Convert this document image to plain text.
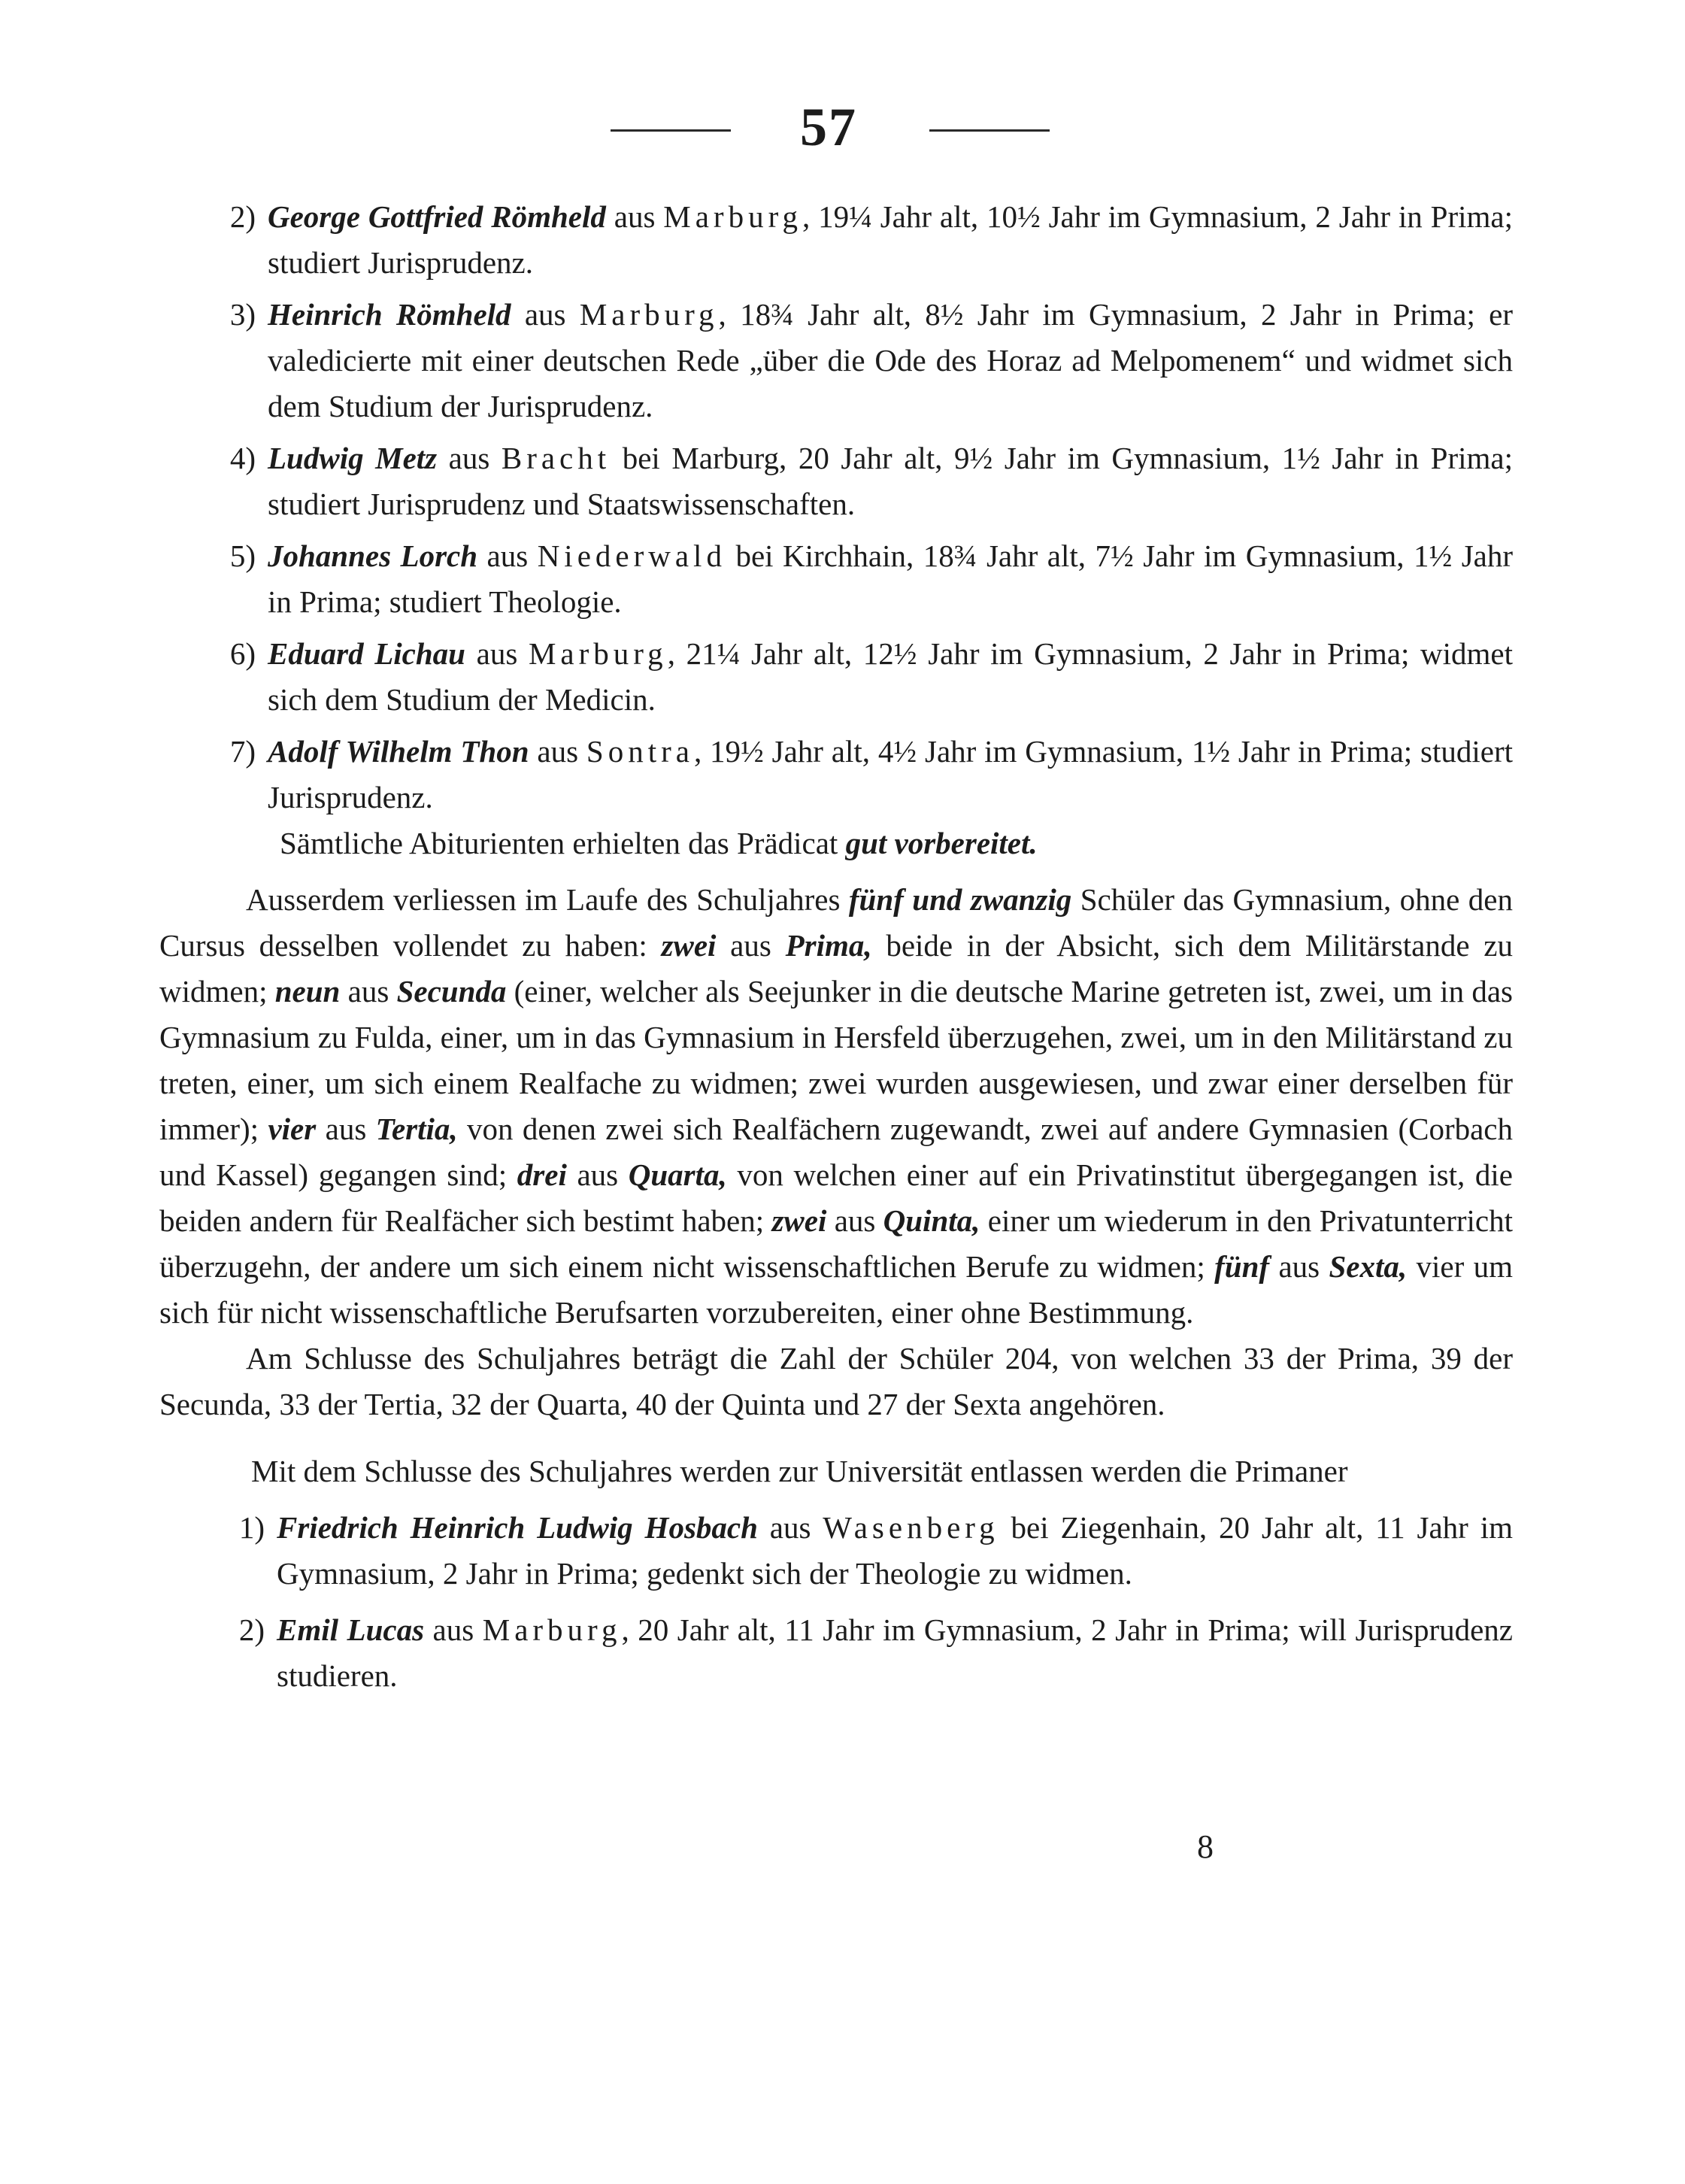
57
2) George Gottfried Römheld aus Marburg, 19¼ Jahr alt, 10½ Jahr im Gymnasium, 2 Jahr in Prima; studiert Jurisprudenz.
3) Heinrich Römheld aus Marburg, 18¾ Jahr alt, 8½ Jahr im Gymnasium, 2 Jahr in Prima; er valedicierte mit einer deutschen Rede „über die Ode des Horaz ad Melpomenem“ und widmet sich dem Studium der Jurisprudenz.
4) Ludwig Metz aus Bracht bei Marburg, 20 Jahr alt, 9½ Jahr im Gymnasium, 1½ Jahr in Prima; studiert Jurisprudenz und Staatswissenschaften.
5) Johannes Lorch aus Niederwald bei Kirchhain, 18¾ Jahr alt, 7½ Jahr im Gymnasium, 1½ Jahr in Prima; studiert Theologie.
6) Eduard Lichau aus Marburg, 21¼ Jahr alt, 12½ Jahr im Gymnasium, 2 Jahr in Prima; widmet sich dem Studium der Medicin.
7) Adolf Wilhelm Thon aus Sontra, 19½ Jahr alt, 4½ Jahr im Gymnasium, 1½ Jahr in Prima; studiert Jurisprudenz.
Sämtliche Abiturienten erhielten das Prädicat gut vorbereitet.
Ausserdem verliessen im Laufe des Schuljahres fünf und zwanzig Schüler das Gymnasium, ohne den Cursus desselben vollendet zu haben: zwei aus Prima, beide in der Absicht, sich dem Militärstande zu widmen; neun aus Secunda (einer, welcher als Seejunker in die deutsche Marine getreten ist, zwei, um in das Gymnasium zu Fulda, einer, um in das Gymnasium in Hersfeld überzugehen, zwei, um in den Militärstand zu treten, einer, um sich einem Realfache zu widmen; zwei wurden ausgewiesen, und zwar einer derselben für immer); vier aus Tertia, von denen zwei sich Realfächern zugewandt, zwei auf andere Gymnasien (Corbach und Kassel) gegangen sind; drei aus Quarta, von welchen einer auf ein Privatinstitut übergegangen ist, die beiden andern für Realfächer sich bestimt haben; zwei aus Quinta, einer um wiederum in den Privatunterricht überzugehn, der andere um sich einem nicht wissenschaftlichen Berufe zu widmen; fünf aus Sexta, vier um sich für nicht wissenschaftliche Berufsarten vorzubereiten, einer ohne Bestimmung.
Am Schlusse des Schuljahres beträgt die Zahl der Schüler 204, von welchen 33 der Prima, 39 der Secunda, 33 der Tertia, 32 der Quarta, 40 der Quinta und 27 der Sexta angehören.
Mit dem Schlusse des Schuljahres werden zur Universität entlassen werden die Primaner
1) Friedrich Heinrich Ludwig Hosbach aus Wasenberg bei Ziegenhain, 20 Jahr alt, 11 Jahr im Gymnasium, 2 Jahr in Prima; gedenkt sich der Theologie zu widmen.
2) Emil Lucas aus Marburg, 20 Jahr alt, 11 Jahr im Gymnasium, 2 Jahr in Prima; will Jurisprudenz studieren.
8
